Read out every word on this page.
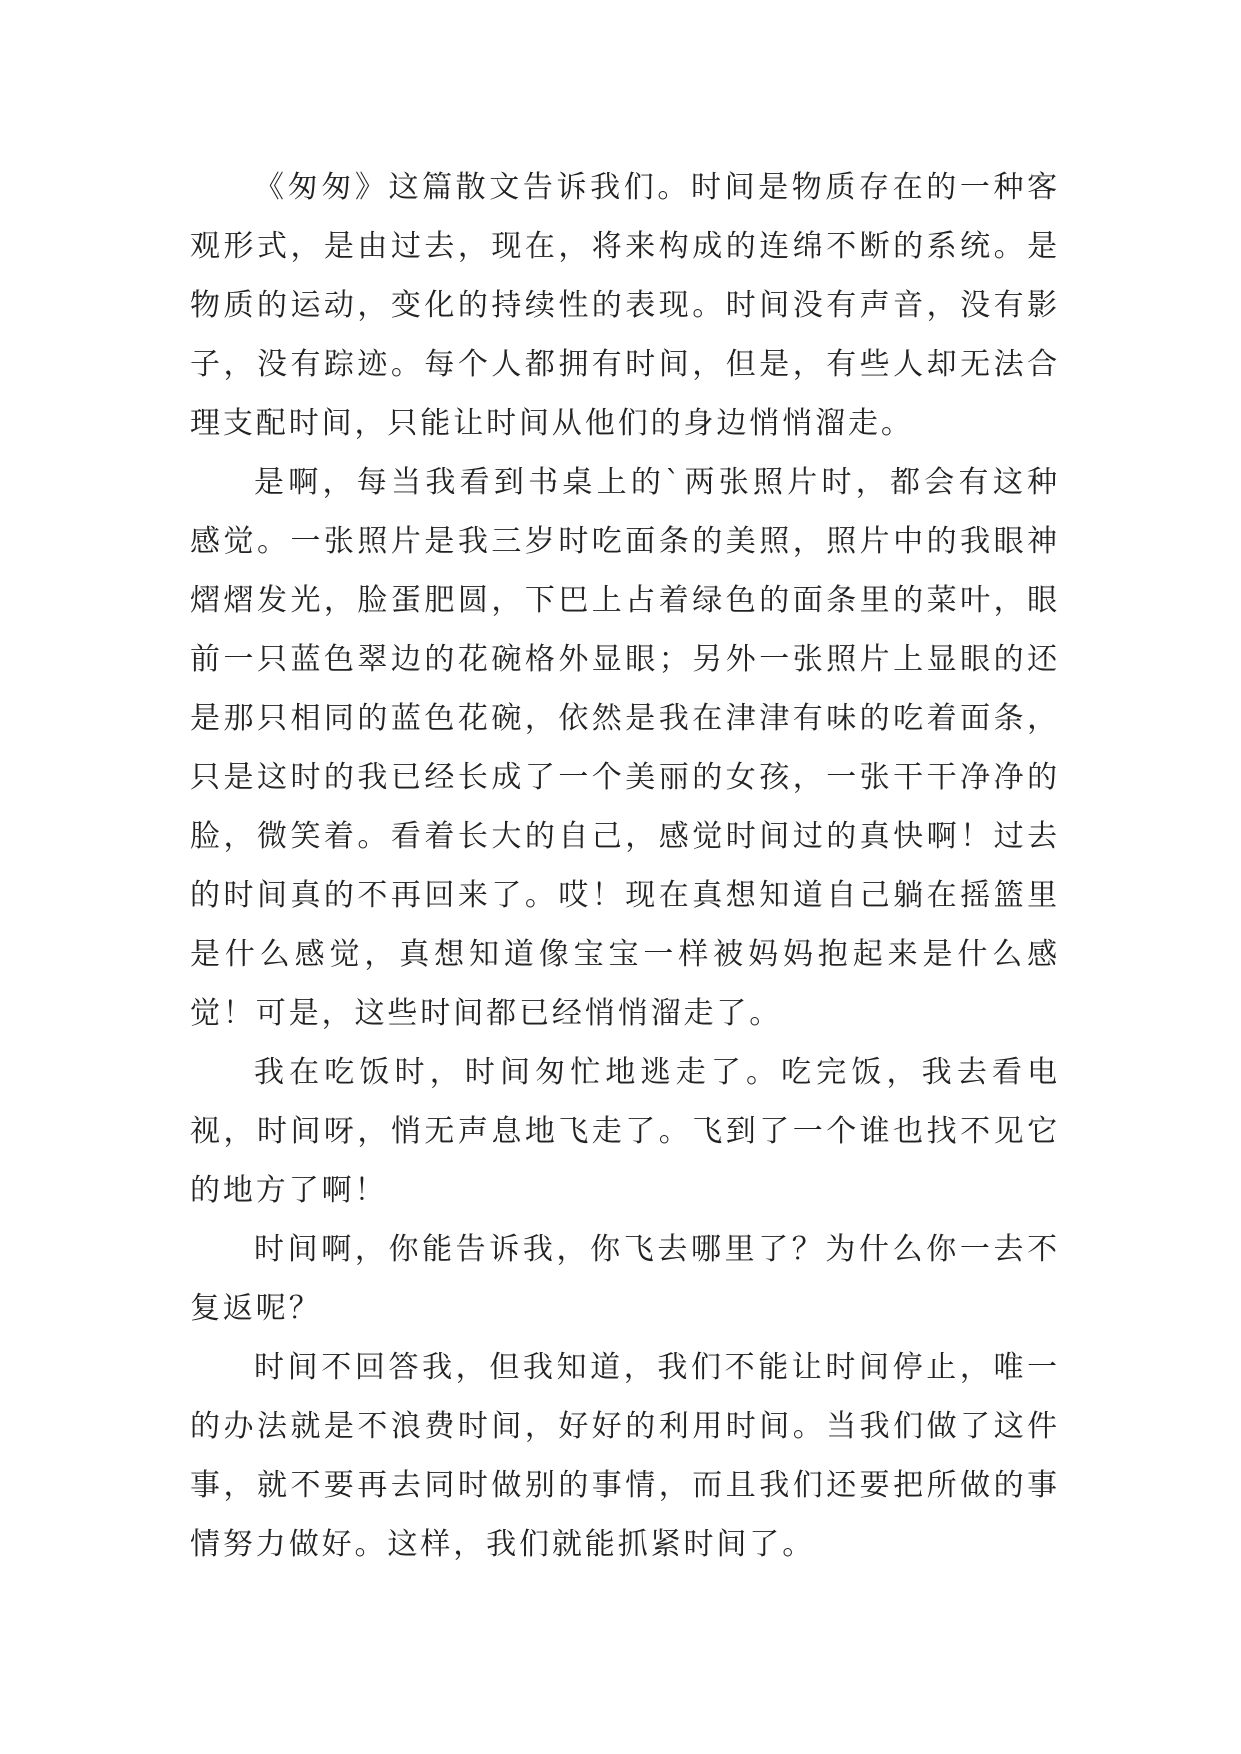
《匆匆》这篇散文告诉我们。时间是物质存在的一种客观形式，是由过去，现在，将来构成的连绵不断的系统。是物质的运动，变化的持续性的表现。时间没有声音，没有影子，没有踪迹。每个人都拥有时间，但是，有些人却无法合理支配时间，只能让时间从他们的身边悄悄溜走。

是啊，每当我看到书桌上的`两张照片时，都会有这种感觉。一张照片是我三岁时吃面条的美照，照片中的我眼神熠熠发光，脸蛋肥圆，下巴上占着绿色的面条里的菜叶，眼前一只蓝色翠边的花碗格外显眼；另外一张照片上显眼的还是那只相同的蓝色花碗，依然是我在津津有味的吃着面条，只是这时的我已经长成了一个美丽的女孩，一张干干净净的脸，微笑着。看着长大的自己，感觉时间过的真快啊！过去的时间真的不再回来了。哎！现在真想知道自己躺在摇篮里是什么感觉，真想知道像宝宝一样被妈妈抱起来是什么感觉！可是，这些时间都已经悄悄溜走了。

我在吃饭时，时间匆忙地逃走了。吃完饭，我去看电视，时间呀，悄无声息地飞走了。飞到了一个谁也找不见它的地方了啊！

时间啊，你能告诉我，你飞去哪里了？为什么你一去不复返呢？

时间不回答我，但我知道，我们不能让时间停止，唯一的办法就是不浪费时间，好好的利用时间。当我们做了这件事，就不要再去同时做别的事情，而且我们还要把所做的事情努力做好。这样，我们就能抓紧时间了。
